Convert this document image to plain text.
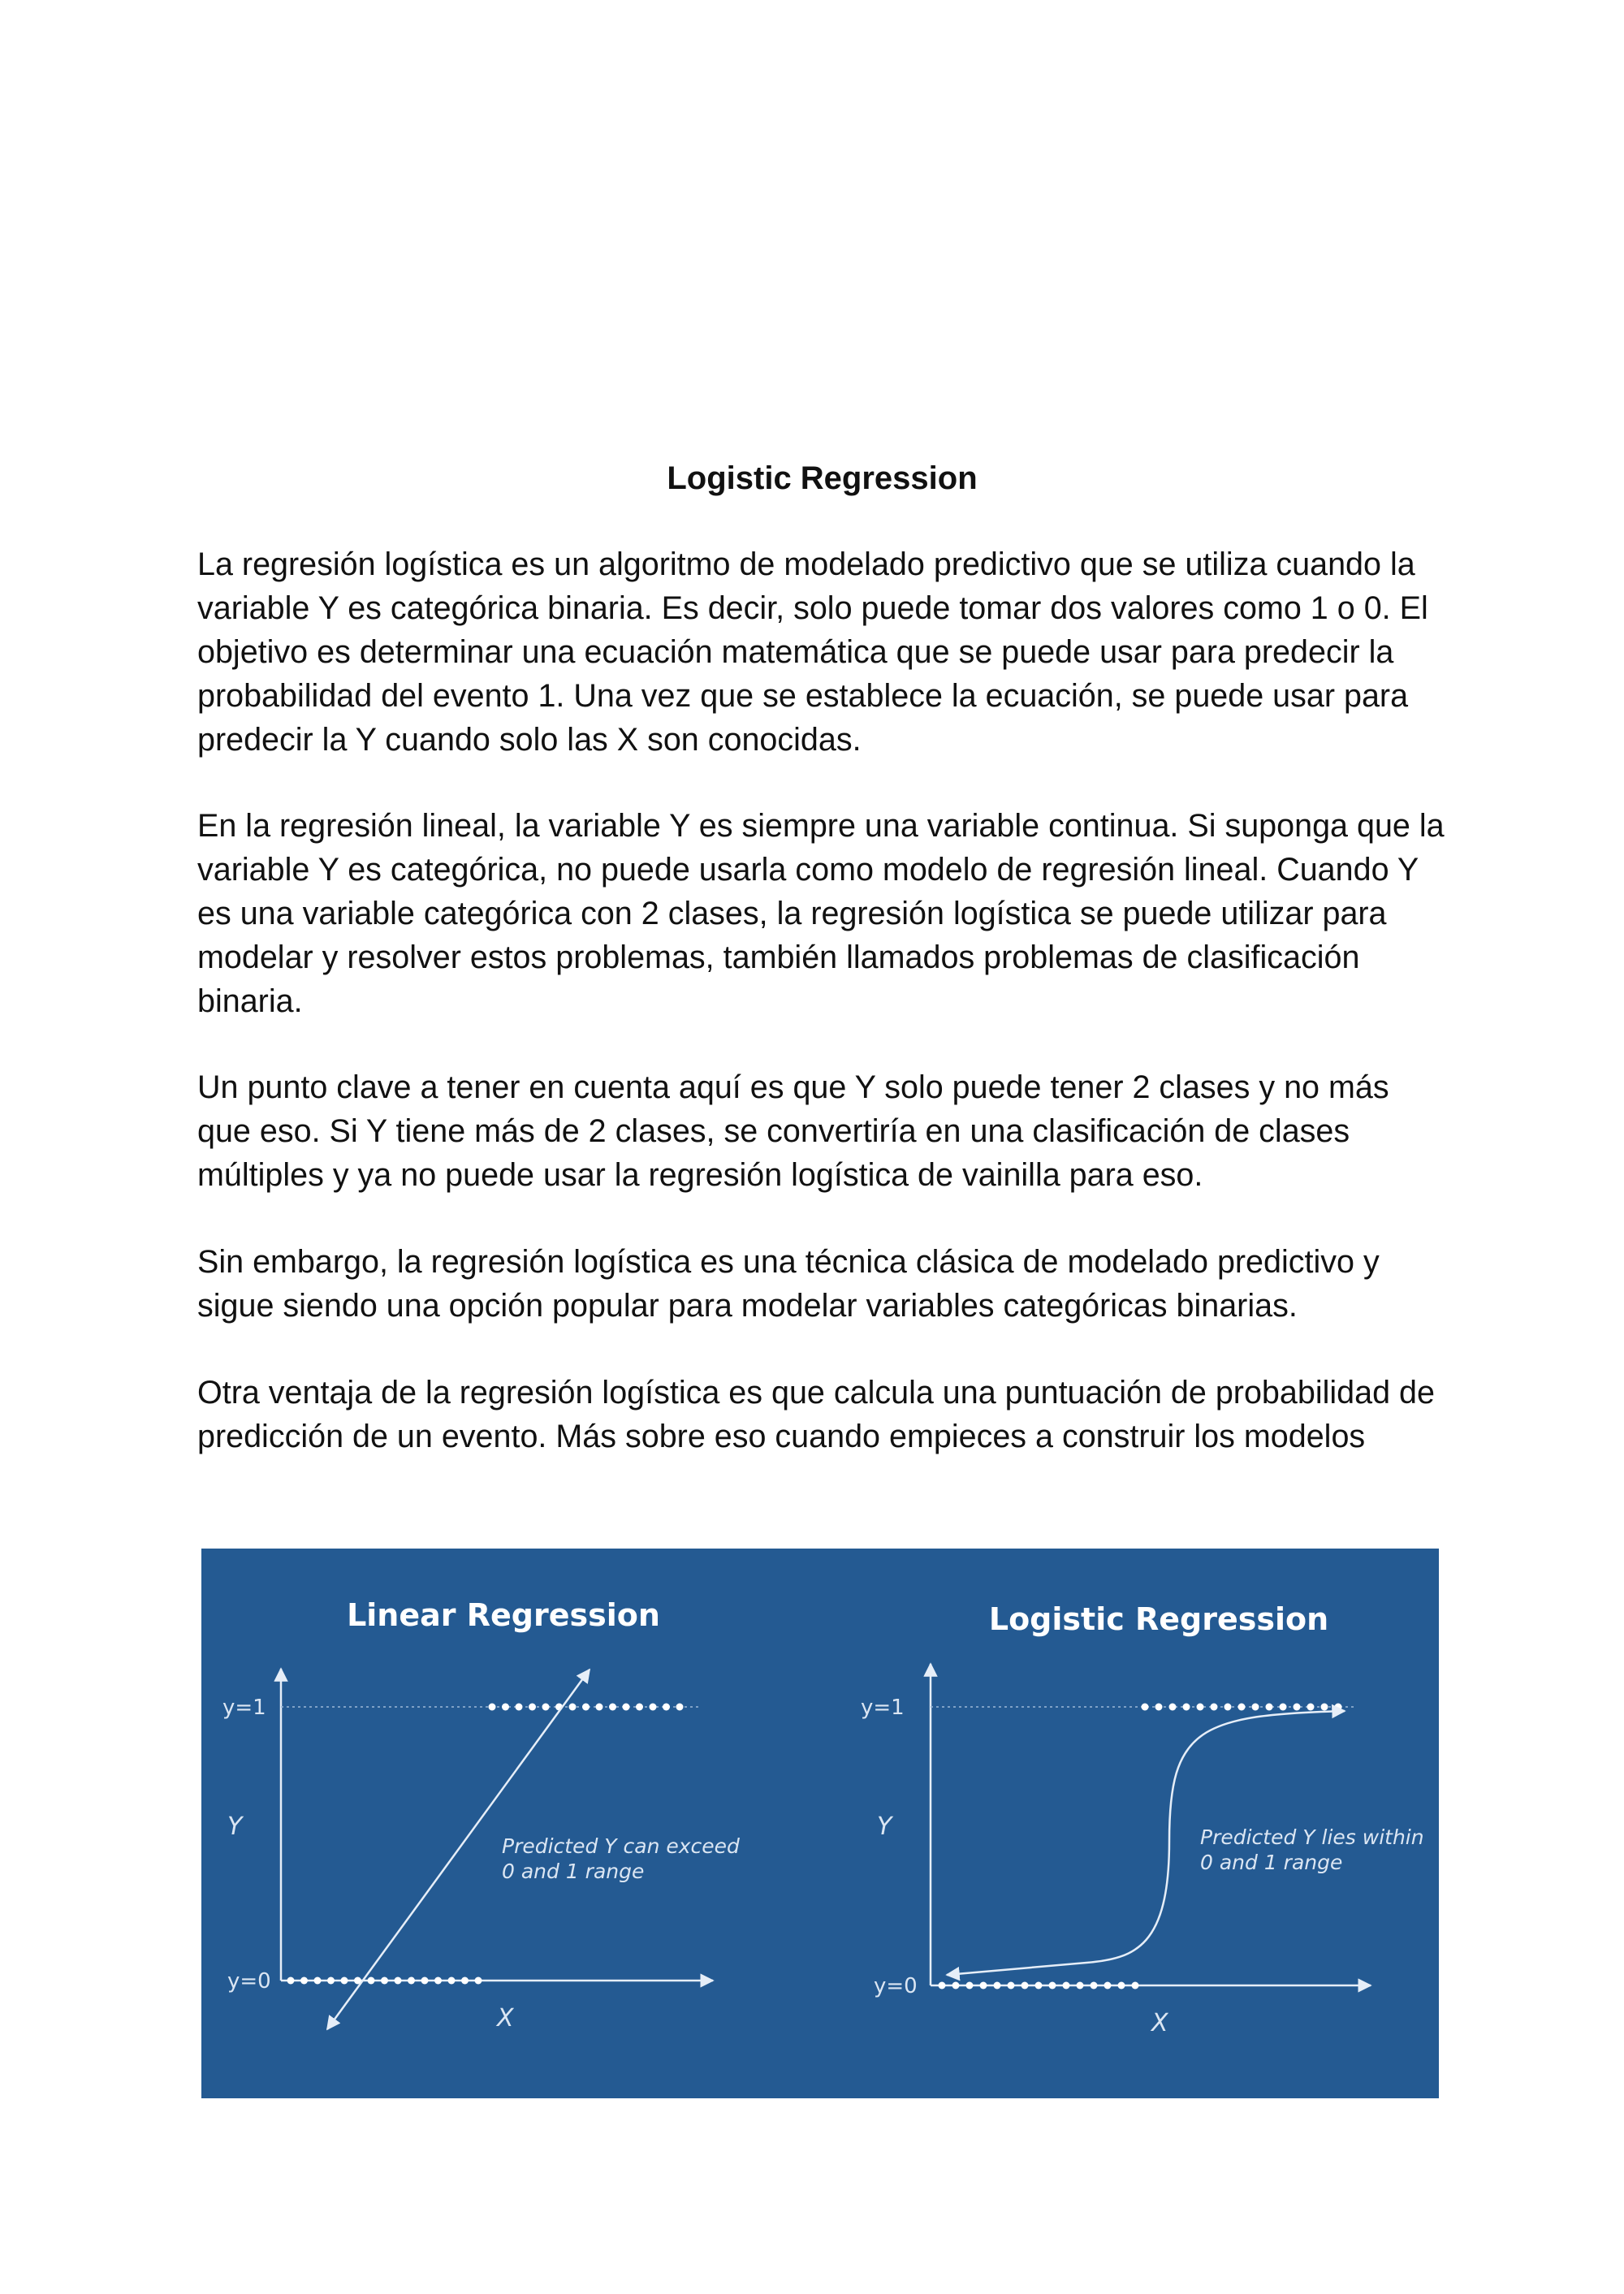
Logistic Regression

La regresión logística es un algoritmo de modelado predictivo que se utiliza cuando la variable Y es categórica binaria. Es decir, solo puede tomar dos valores como 1 o 0. El objetivo es determinar una ecuación matemática que se puede usar para predecir la probabilidad del evento 1. Una vez que se establece la ecuación, se puede usar para predecir la Y cuando solo las X son conocidas.

En la regresión lineal, la variable Y es siempre una variable continua. Si suponga que la variable Y es categórica, no puede usarla como modelo de regresión lineal. Cuando Y es una variable categórica con 2 clases, la regresión logística se puede utilizar para modelar y resolver estos problemas, también llamados problemas de clasificación binaria.

Un punto clave a tener en cuenta aquí es que Y solo puede tener 2 clases y no más que eso. Si Y tiene más de 2 clases, se convertiría en una clasificación de clases múltiples y ya no puede usar la regresión logística de vainilla para eso.

Sin embargo, la regresión logística es una técnica clásica de modelado predictivo y sigue siendo una opción popular para modelar variables categóricas binarias.

Otra ventaja de la regresión logística es que calcula una puntuación de probabilidad de predicción de un evento. Más sobre eso cuando empieces a construir los modelos

Linear Regression
y=1
y=0
Y
X
Predicted Y can exceed
0 and 1 range
Logistic Regression
y=1
y=0
Y
X
Predicted Y lies within
0 and 1 range
